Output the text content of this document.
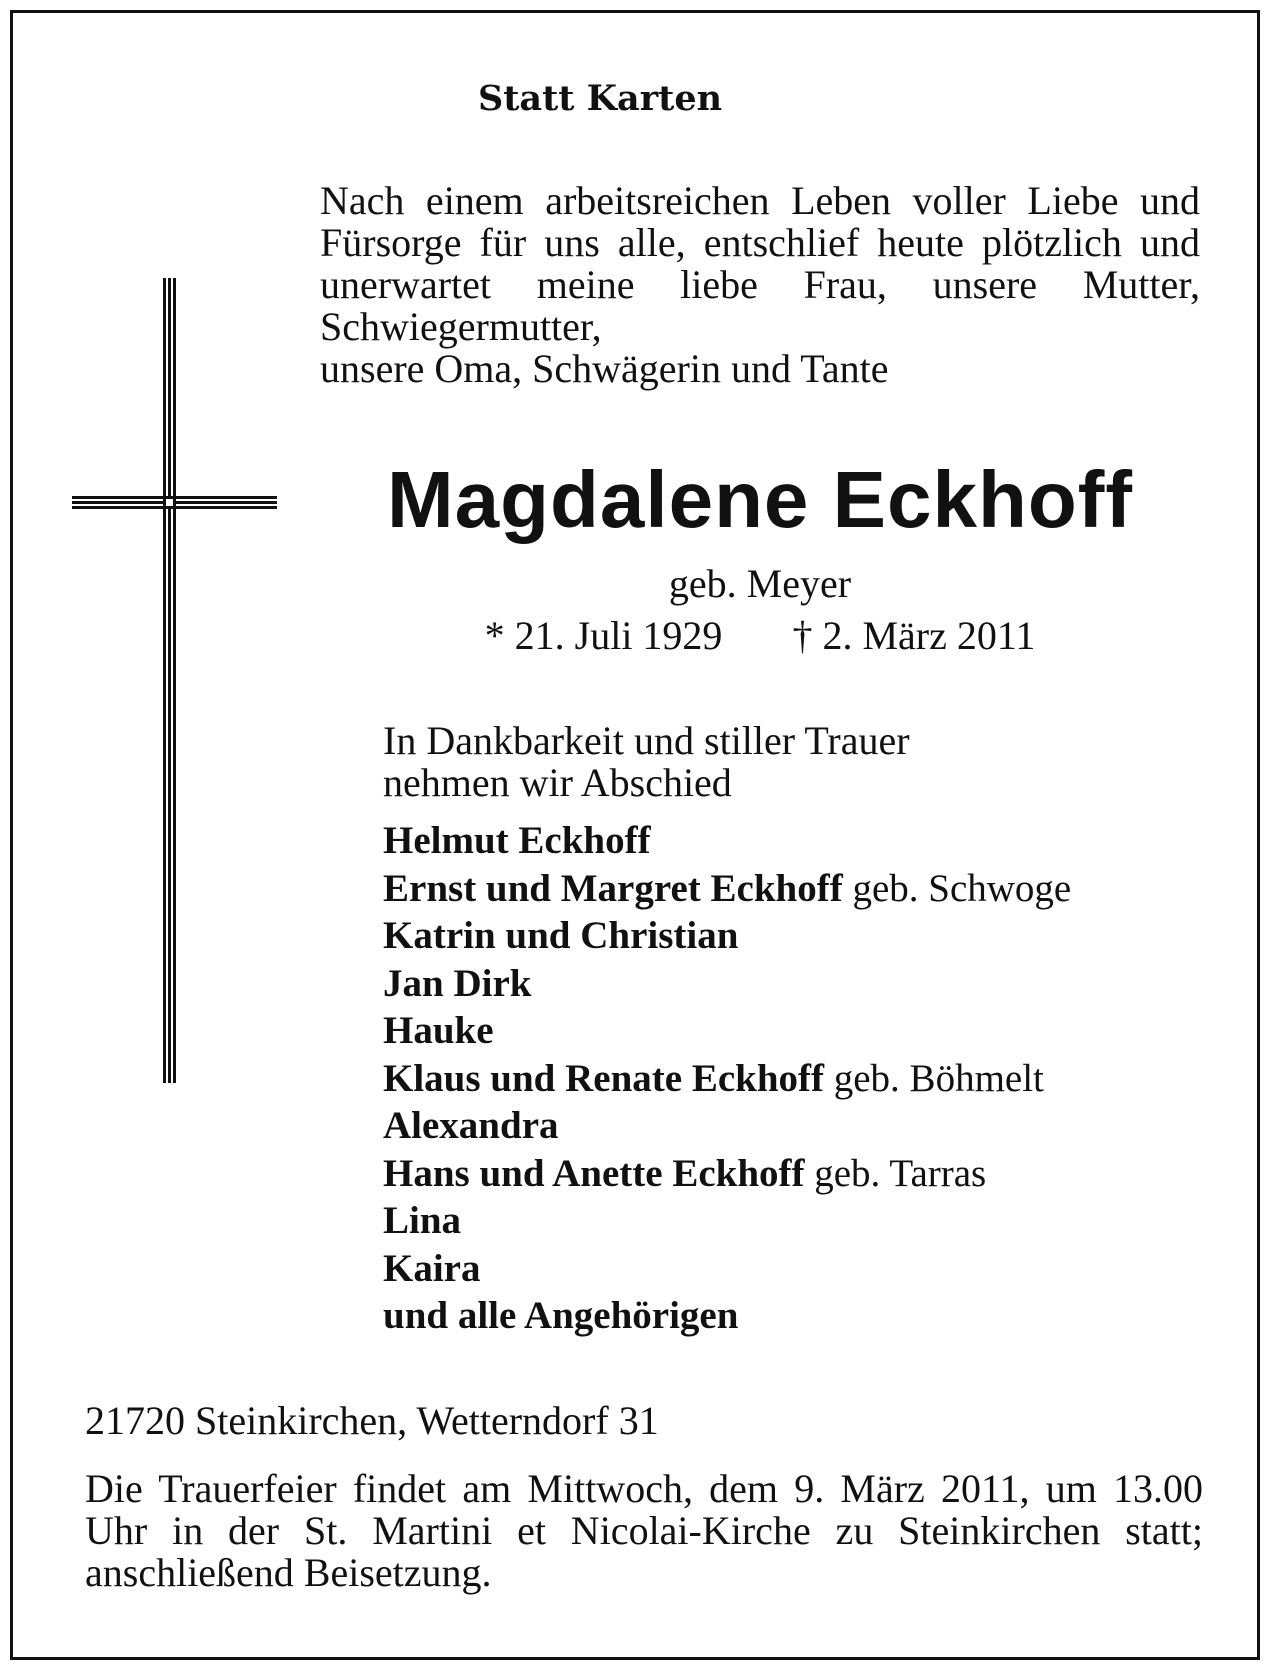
Statt Karten
Nach einem arbeitsreichen Leben voller Liebe und Fürsorge für uns alle, entschlief heute plötzlich und unerwartet meine liebe Frau, unsere Mutter, Schwiegermutter,
unsere Oma, Schwägerin und Tante
Magdalene Eckhoff
geb. Meyer
* 21. Juli 1929 † 2. März 2011
In Dankbarkeit und stiller Trauer
nehmen wir Abschied
Helmut Eckhoff
Ernst und Margret Eckhoff geb. Schwoge
Katrin und Christian
Jan Dirk
Hauke
Klaus und Renate Eckhoff geb. Böhmelt
Alexandra
Hans und Anette Eckhoff geb. Tarras
Lina
Kaira
und alle Angehörigen
21720 Steinkirchen, Wetterndorf 31
Die Trauerfeier findet am Mittwoch, dem 9. März 2011, um 13.00 Uhr in der St. Martini et Nicolai-Kirche zu Steinkirchen statt; anschließend Beisetzung.
